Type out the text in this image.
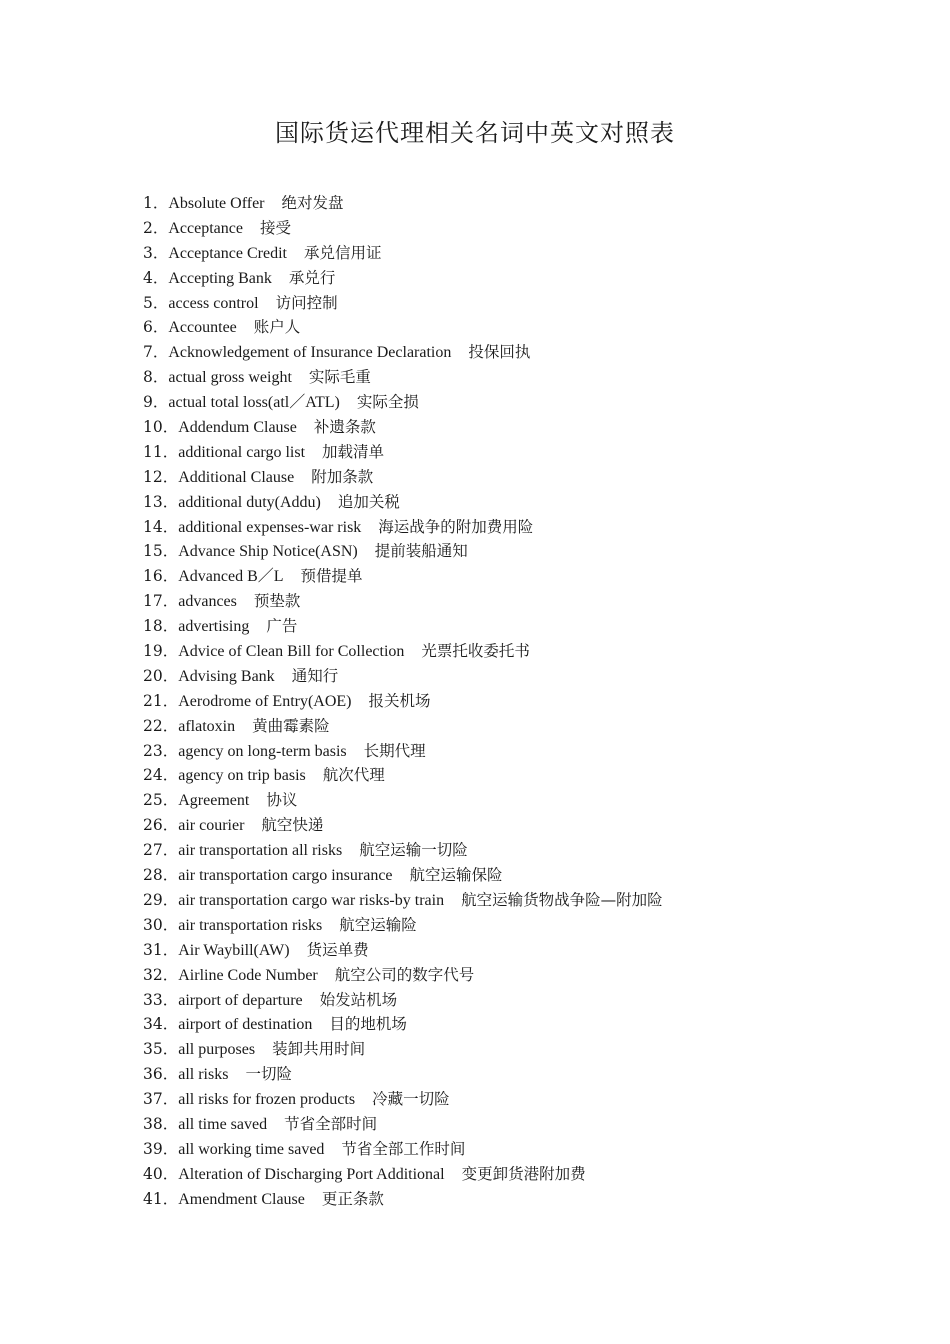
国际货运代理相关名词中英文对照表
1．Absolute Offer 绝对发盘
2．Acceptance 接受
3．Acceptance Credit 承兑信用证
4．Accepting Bank 承兑行
5．access control 访问控制
6．Accountee 账户人
7．Acknowledgement of Insurance Declaration 投保回执
8．actual gross weight 实际毛重
9．actual total loss(atl／ATL) 实际全损
10．Addendum Clause 补遗条款
11．additional cargo list 加载清单
12．Additional Clause 附加条款
13．additional duty(Addu) 追加关税
14．additional expenses-war risk 海运战争的附加费用险
15．Advance Ship Notice(ASN) 提前装船通知
16．Advanced B／L 预借提单
17．advances 预垫款
18．advertising 广告
19．Advice of Clean Bill for Collection 光票托收委托书
20．Advising Bank 通知行
21．Aerodrome of Entry(AOE) 报关机场
22．aflatoxin 黄曲霉素险
23．agency on long-term basis 长期代理
24．agency on trip basis 航次代理
25．Agreement 协议
26．air courier 航空快递
27．air transportation all risks 航空运输一切险
28．air transportation cargo insurance 航空运输保险
29．air transportation cargo war risks-by train 航空运输货物战争险—附加险
30．air transportation risks 航空运输险
31．Air Waybill(AW) 货运单费
32．Airline Code Number 航空公司的数字代号
33．airport of departure 始发站机场
34．airport of destination 目的地机场
35．all purposes 装卸共用时间
36．all risks 一切险
37．all risks for frozen products 冷藏一切险
38．all time saved 节省全部时间
39．all working time saved 节省全部工作时间
40．Alteration of Discharging Port Additional 变更卸货港附加费
41．Amendment Clause 更正条款
